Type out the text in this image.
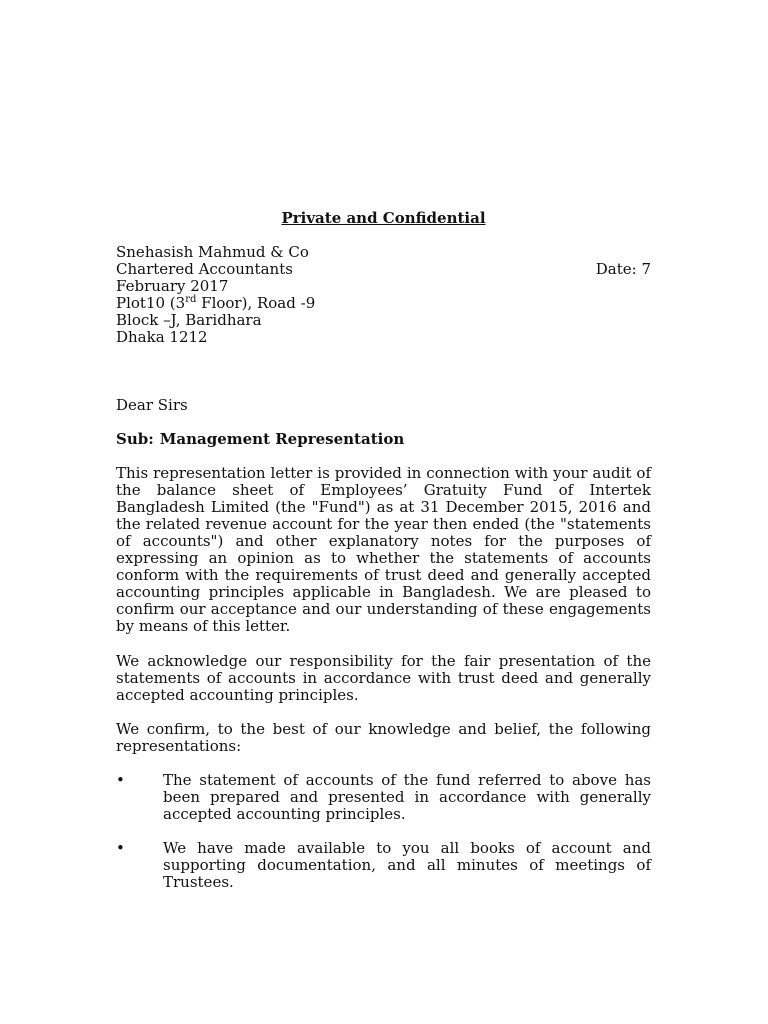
Private and Confidential
Snehasish Mahmud & Co
Chartered Accountants	Date: 7
February 2017
Plot10 (3rd Floor), Road -9
Block –J, Baridhara
Dhaka 1212
Dear Sirs
Sub: Management Representation
This representation letter is provided in connection with your audit of the balance sheet of Employees’ Gratuity Fund of Intertek Bangladesh Limited (the "Fund") as at 31 December 2015, 2016 and the related revenue account for the year then ended (the "statements of accounts") and other explanatory notes for the purposes of expressing an opinion as to whether the statements of accounts conform with the requirements of trust deed and generally accepted accounting principles applicable in Bangladesh. We are pleased to confirm our acceptance and our understanding of these engagements by means of this letter.
We acknowledge our responsibility for the fair presentation of the statements of accounts in accordance with trust deed and generally accepted accounting principles.
We confirm, to the best of our knowledge and belief, the following representations:
•	The statement of accounts of the fund referred to above has been prepared and presented in accordance with generally accepted accounting principles.
•	We have made available to you all books of account and supporting documentation, and all minutes of meetings of Trustees.
